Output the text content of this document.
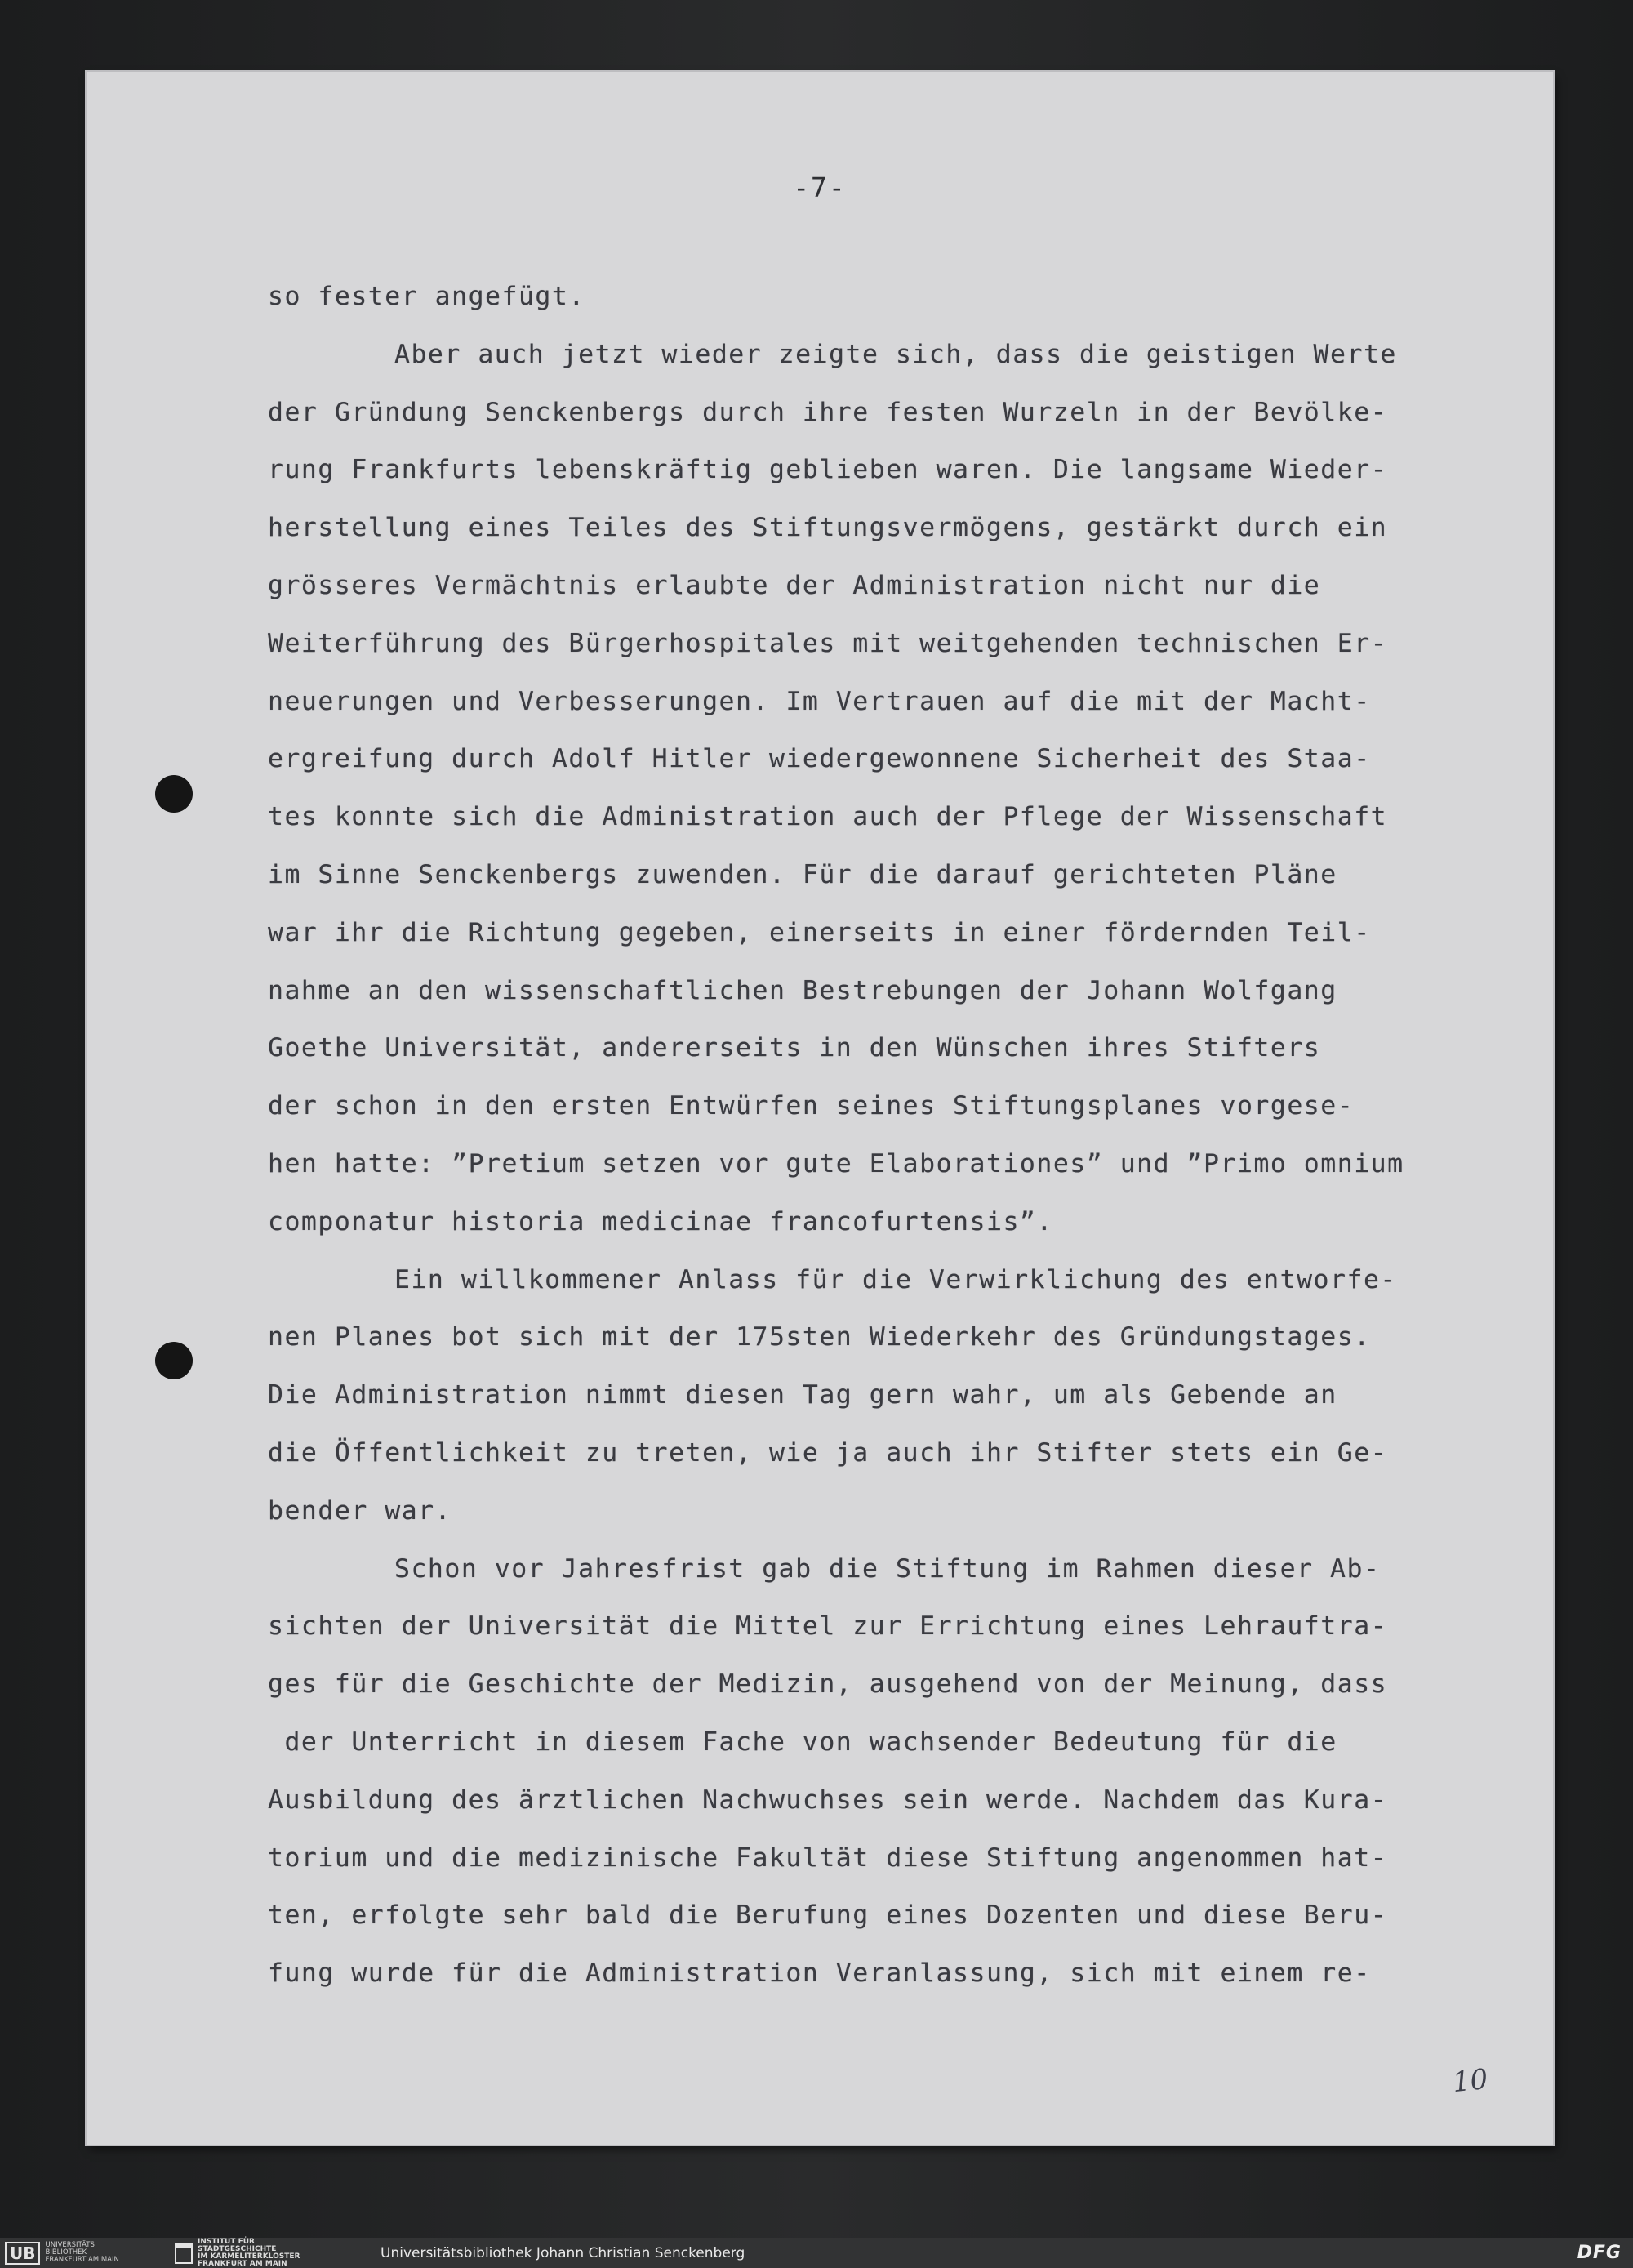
-7-
so fester angefügt.
Aber auch jetzt wieder zeigte sich, dass die geistigen Werte
der Gründung Senckenbergs durch ihre festen Wurzeln in der Bevölke-
rung Frankfurts lebenskräftig geblieben waren. Die langsame Wieder-
herstellung eines Teiles des Stiftungsvermögens, gestärkt durch ein
grösseres Vermächtnis erlaubte der Administration nicht nur die
Weiterführung des Bürgerhospitales mit weitgehenden technischen Er-
neuerungen und Verbesserungen. Im Vertrauen auf die mit der Macht-
ergreifung durch Adolf Hitler wiedergewonnene Sicherheit des Staa-
tes konnte sich die Administration auch der Pflege der Wissenschaft
im Sinne Senckenbergs zuwenden. Für die darauf gerichteten Pläne
war ihr die Richtung gegeben, einerseits in einer fördernden Teil-
nahme an den wissenschaftlichen Bestrebungen der Johann Wolfgang
Goethe Universität, andererseits in den Wünschen ihres Stifters
der schon in den ersten Entwürfen seines Stiftungsplanes vorgese-
hen hatte: ”Pretium setzen vor gute Elaborationes” und ”Primo omnium
componatur historia medicinae francofurtensis”.
Ein willkommener Anlass für die Verwirklichung des entworfe-
nen Planes bot sich mit der 175sten Wiederkehr des Gründungstages.
Die Administration nimmt diesen Tag gern wahr, um als Gebende an
die Öffentlichkeit zu treten, wie ja auch ihr Stifter stets ein Ge-
bender war.
Schon vor Jahresfrist gab die Stiftung im Rahmen dieser Ab-
sichten der Universität die Mittel zur Errichtung eines Lehrauftra-
ges für die Geschichte der Medizin, ausgehend von der Meinung, dass
der Unterricht in diesem Fache von wachsender Bedeutung für die
Ausbildung des ärztlichen Nachwuchses sein werde. Nachdem das Kura-
torium und die medizinische Fakultät diese Stiftung angenommen hat-
ten, erfolgte sehr bald die Berufung eines Dozenten und diese Beru-
fung wurde für die Administration Veranlassung, sich mit einem re-
10
UB	UNIVERSITÄTS
BIBLIOTHEK
FRANKFURT AM MAIN
INSTITUT FÜR
STADTGESCHICHTE
IM KARMELITERKLOSTER
FRANKFURT AM MAIN
Universitätsbibliothek Johann Christian Senckenberg	DFG
